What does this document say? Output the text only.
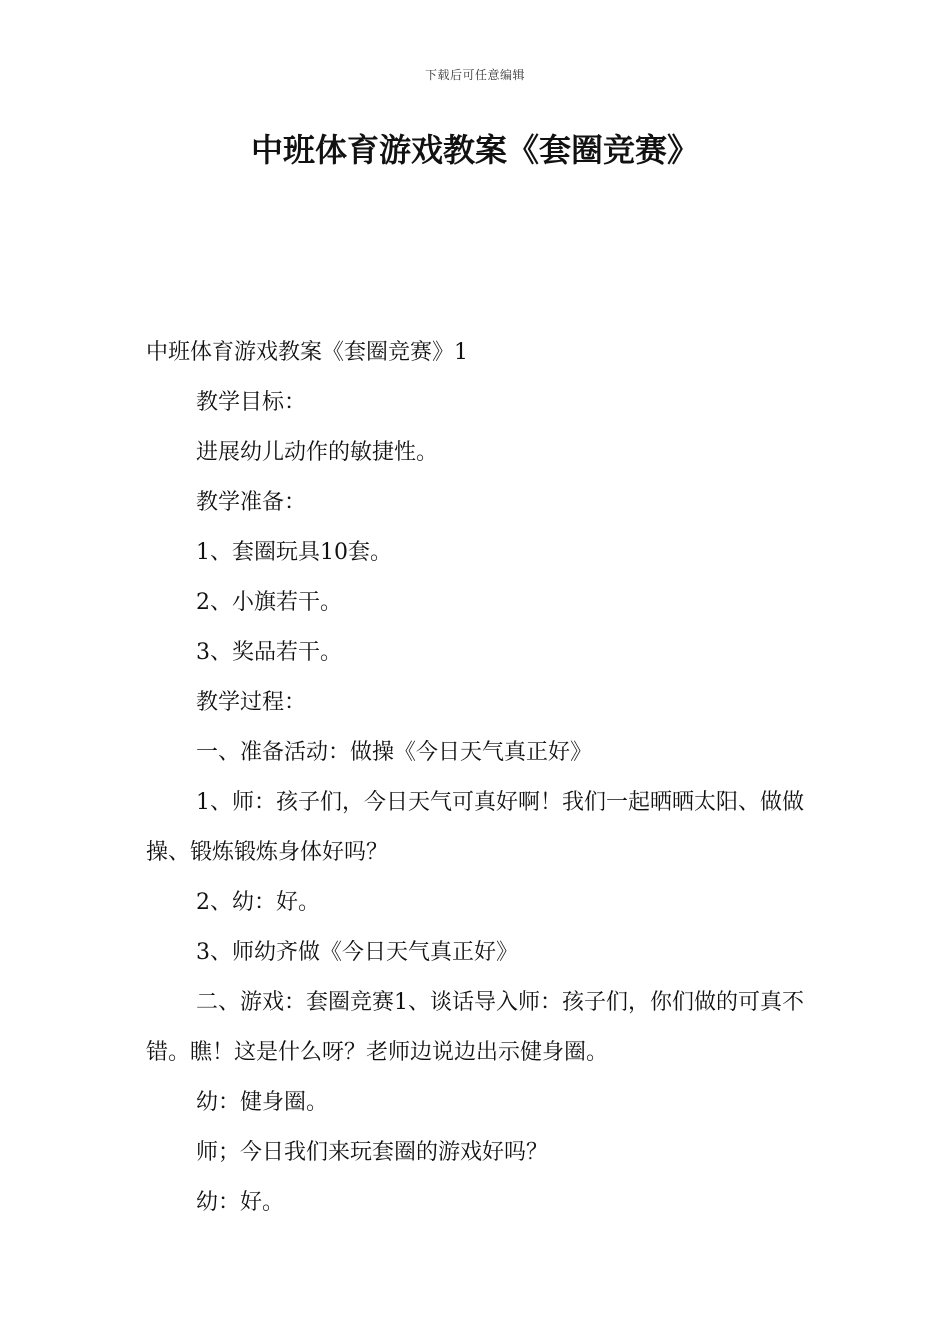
下载后可任意编辑
中班体育游戏教案《套圈竞赛》

中班体育游戏教案《套圈竞赛》1

教学目标：

进展幼儿动作的敏捷性。

教学准备：

1、套圈玩具10套。

2、小旗若干。

3、奖品若干。

教学过程：

一、准备活动：做操《今日天气真正好》

1、师：孩子们，今日天气可真好啊！我们一起晒晒太阳、做做操、锻炼锻炼身体好吗？

2、幼：好。

3、师幼齐做《今日天气真正好》

二、游戏：套圈竞赛1、谈话导入师：孩子们，你们做的可真不错。瞧！这是什么呀？老师边说边出示健身圈。

幼：健身圈。

师；今日我们来玩套圈的游戏好吗？

幼：好。
